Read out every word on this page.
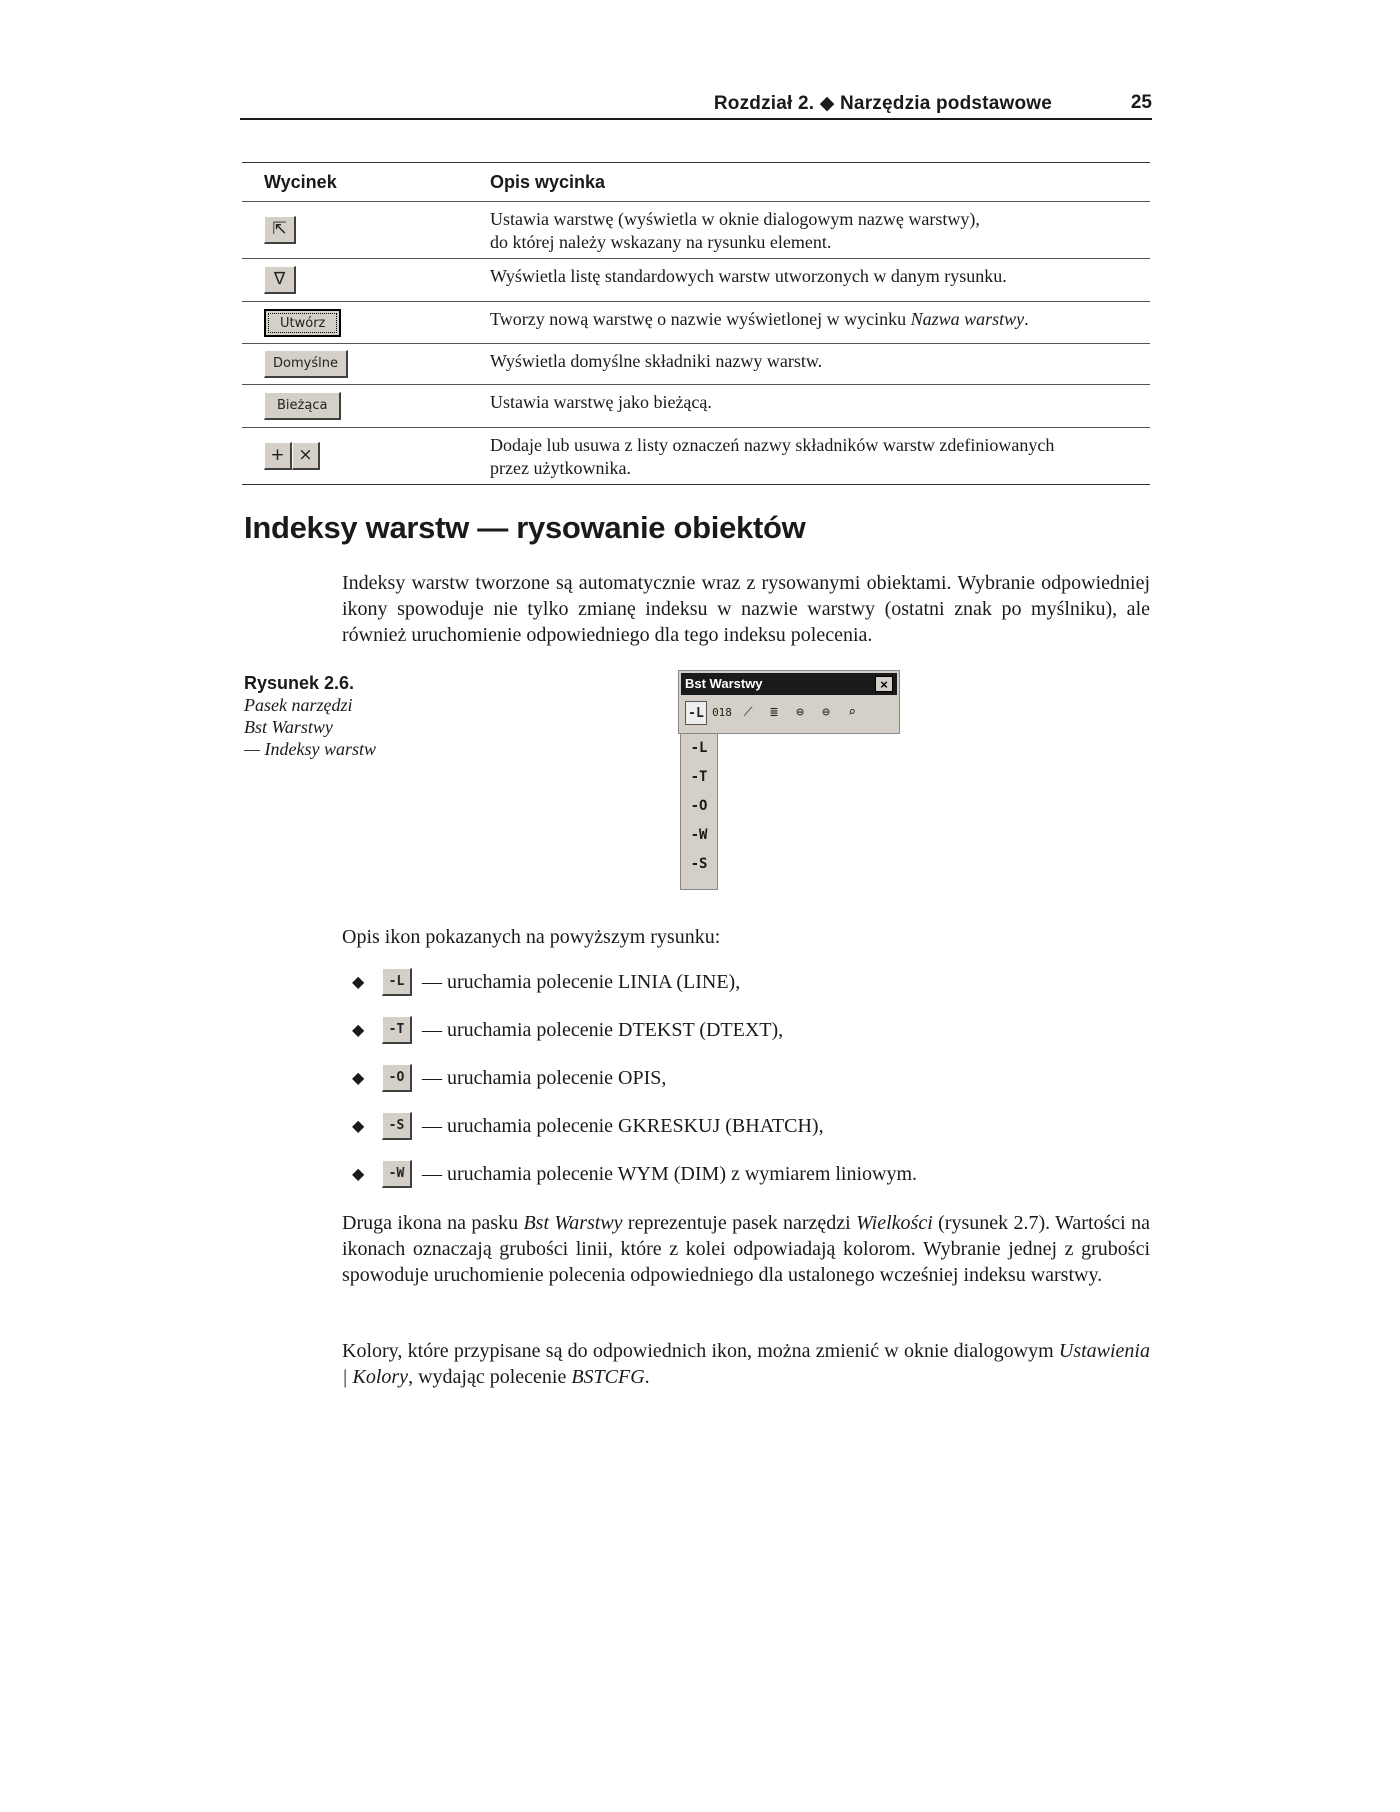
Rozdział 2. ◆ Narzędzia podstawowe	25
Wycinek	Opis wycinka
⇱	Ustawia warstwę (wyświetla w oknie dialogowym nazwę warstwy),
do której należy wskazany na rysunku element.
∇	Wyświetla listę standardowych warstw utworzonych w danym rysunku.
Utwórz	Tworzy nową warstwę o nazwie wyświetlonej w wycinku Nazwa warstwy.
Domyślne	Wyświetla domyślne składniki nazwy warstw.
Bieżąca	Ustawia warstwę jako bieżącą.
+ ×	Dodaje lub usuwa z listy oznaczeń nazwy składników warstw zdefiniowanych
przez użytkownika.
Indeksy warstw — rysowanie obiektów
Indeksy warstw tworzone są automatycznie wraz z rysowanymi obiektami. Wybranie odpowiedniej ikony spowoduje nie tylko zmianę indeksu w nazwie warstwy (ostatni znak po myślniku), ale również uruchomienie odpowiedniego dla tego indeksu polecenia.
Rysunek 2.6.
Pasek narzędzi
Bst Warstwy
— Indeksy warstw
Bst Warstwy	×
-L 018 ⟋	≣	⊜	⊜	⌕
-L
-T
-O
-W
-S
Opis ikon pokazanych na powyższym rysunku:
◆	-L — uruchamia polecenie LINIA (LINE),
◆	-T — uruchamia polecenie DTEKST (DTEXT),
◆	-O — uruchamia polecenie OPIS,
◆	-S — uruchamia polecenie GKRESKUJ (BHATCH),
◆	-W — uruchamia polecenie WYM (DIM) z wymiarem liniowym.
Druga ikona na pasku Bst Warstwy reprezentuje pasek narzędzi Wielkości (rysunek 2.7). Wartości na ikonach oznaczają grubości linii, które z kolei odpowiadają kolorom. Wybranie jednej z grubości spowoduje uruchomienie polecenia odpowiedniego dla ustalonego wcześniej indeksu warstwy.
Kolory, które przypisane są do odpowiednich ikon, można zmienić w oknie dialogowym Ustawienia | Kolory, wydając polecenie BSTCFG.
